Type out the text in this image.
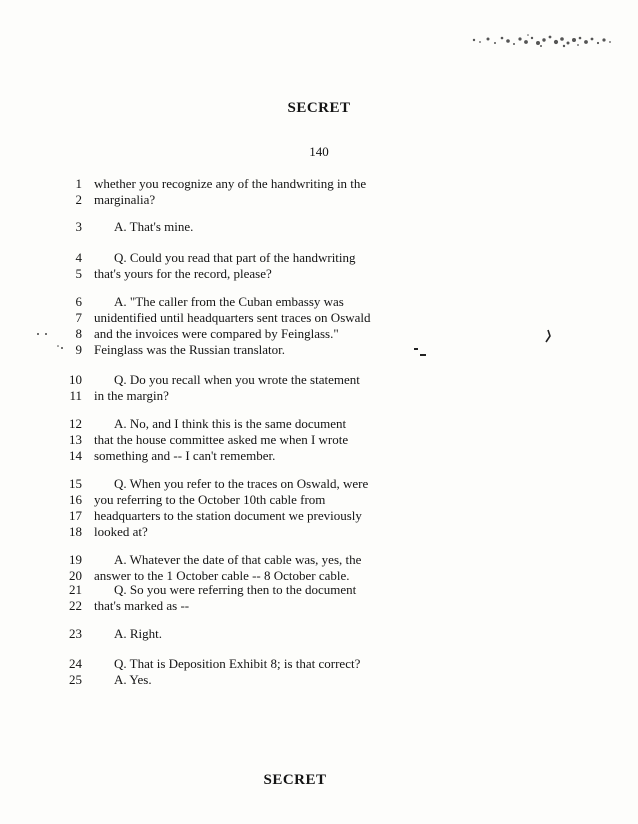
SECRET
140
1 whether you recognize any of the handwriting in the
2 marginalia?
3 A. That's mine.
4 Q. Could you read that part of the handwriting
5 that's yours for the record, please?
6 A. "The caller from the Cuban embassy was
7 unidentified until headquarters sent traces on Oswald
8 and the invoices were compared by Feinglass."
9 Feinglass was the Russian translator.
10 Q. Do you recall when you wrote the statement
11 in the margin?
12 A. No, and I think this is the same document
13 that the house committee asked me when I wrote
14 something and -- I can't remember.
15 Q. When you refer to the traces on Oswald, were
16 you referring to the October 10th cable from
17 headquarters to the station document we previously
18 looked at?
19 A. Whatever the date of that cable was, yes, the
20 answer to the 1 October cable -- 8 October cable.
21 Q. So you were referring then to the document
22 that's marked as --
23 A. Right.
24 Q. That is Deposition Exhibit 8; is that correct?
25 A. Yes.
SECRET
